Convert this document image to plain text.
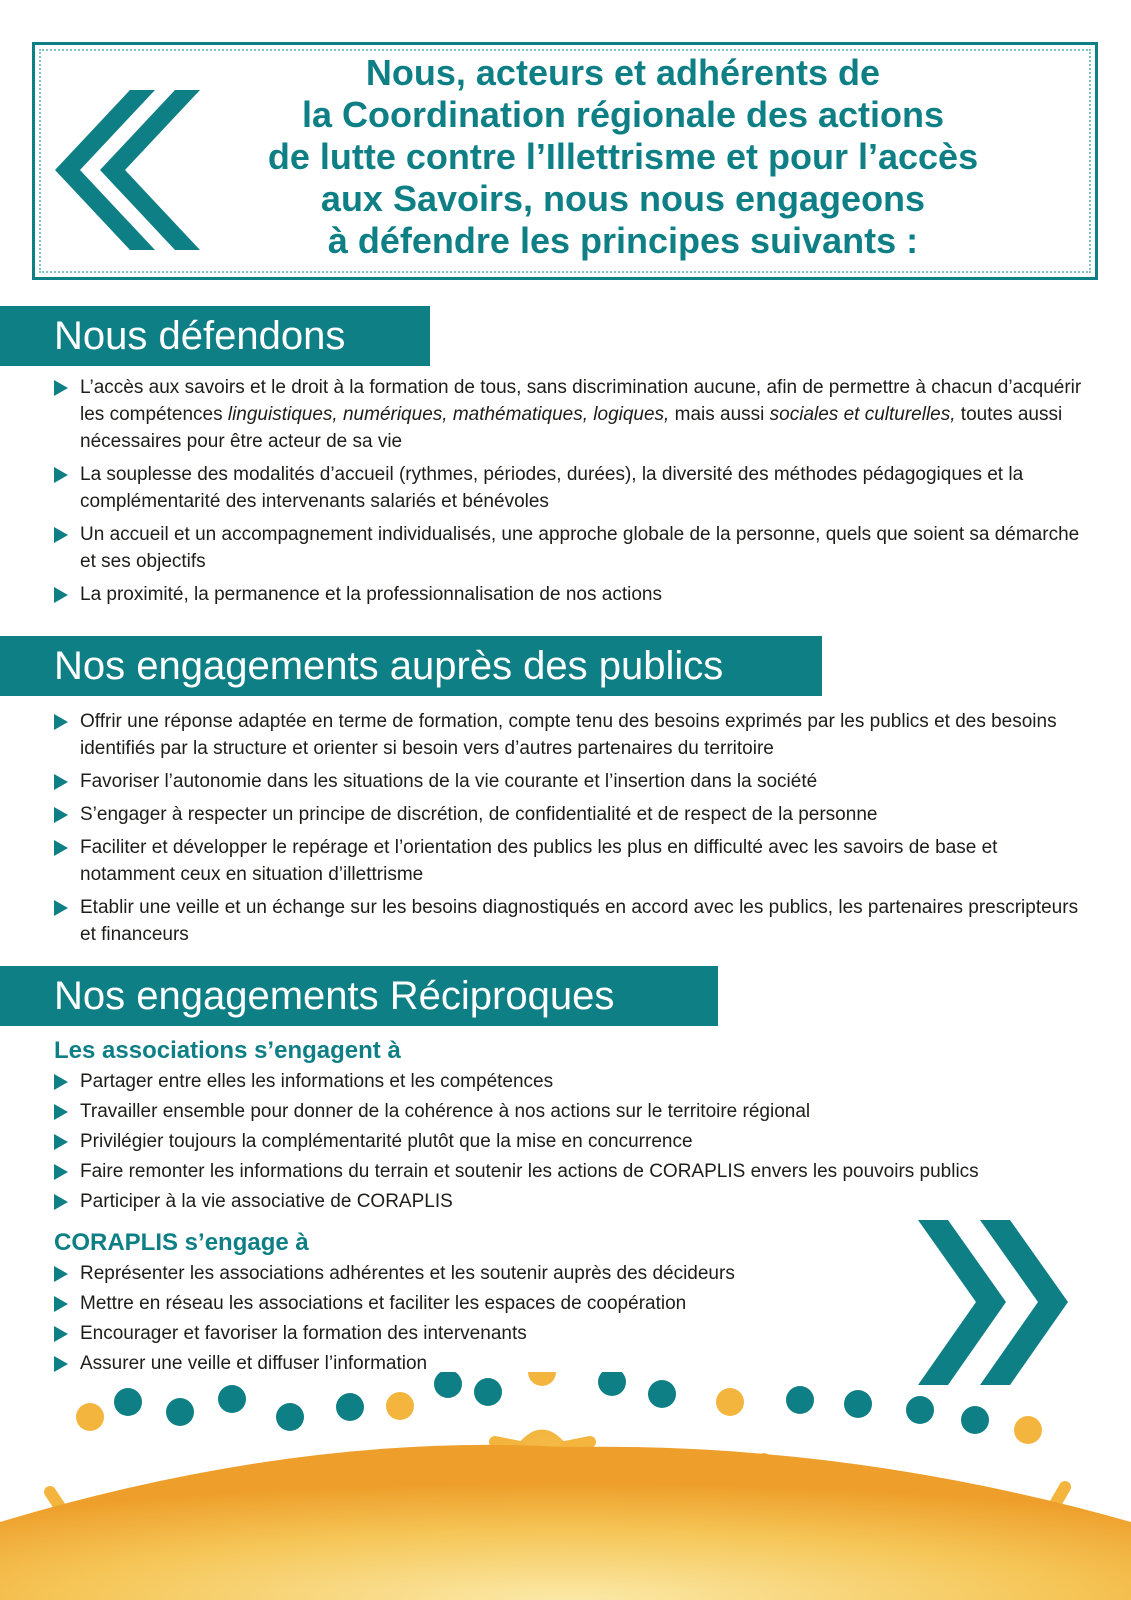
Nous, acteurs et adhérents de
la Coordination régionale des actions
de lutte contre l’Illettrisme et pour l’accès
aux Savoirs, nous nous engageons
à défendre les principes suivants :
Nous défendons
L’accès aux savoirs et le droit à la formation de tous, sans discrimination aucune, afin de permettre à chacun d’acquérir les compétences linguistiques, numériques, mathématiques, logiques, mais aussi sociales et culturelles, toutes aussi nécessaires pour être acteur de sa vie
La souplesse des modalités d’accueil (rythmes, périodes, durées), la diversité des méthodes pédagogiques et la complémentarité des intervenants salariés et bénévoles
Un accueil et un accompagnement individualisés, une approche globale de la personne, quels que soient sa démarche et ses objectifs
La proximité, la permanence et la professionnalisation de nos actions
Nos engagements auprès des publics
Offrir une réponse adaptée en terme de formation, compte tenu des besoins exprimés par les publics et des besoins identifiés par la structure et orienter si besoin vers d’autres partenaires du territoire
Favoriser l’autonomie dans les situations de la vie courante et l’insertion dans la société
S’engager à respecter un principe de discrétion, de confidentialité et de respect de la personne
Faciliter et développer le repérage et l’orientation des publics les plus en difficulté avec les savoirs de base et notamment ceux en situation d’illettrisme
Etablir une veille et un échange sur les besoins diagnostiqués en accord avec les publics, les partenaires prescripteurs et financeurs
Nos engagements Réciproques
Les associations s’engagent à
Partager entre elles les informations et les compétences
Travailler ensemble pour donner de la cohérence à nos actions sur le territoire régional
Privilégier toujours la complémentarité plutôt que la mise en concurrence
Faire remonter les informations du terrain et soutenir les actions de CORAPLIS envers les pouvoirs publics
Participer à la vie associative de CORAPLIS
CORAPLIS s’engage à
Représenter les associations adhérentes et les soutenir auprès des décideurs
Mettre en réseau les associations et faciliter les espaces de coopération
Encourager et favoriser la formation des intervenants
Assurer une veille et diffuser l’information
